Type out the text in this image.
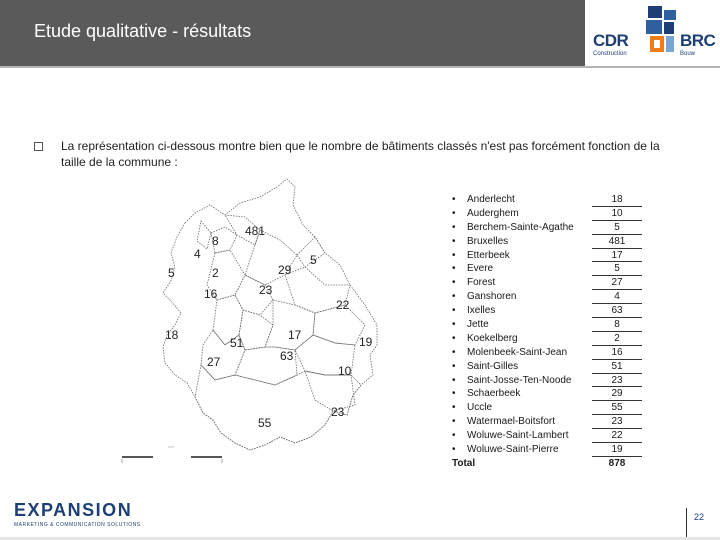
Etude qualitative - résultats	CDR
Construction
BRC
Bouw
La représentation ci-dessous montre bien que le nombre de bâtiments classés n'est pas forcément fonction de la taille de la commune :
8
481
4
5	2	29
5
16	23
22
18
51
17	19
27	63
10
23
55
•	Anderlecht	18
•	Auderghem	10
•	Berchem-Sainte-Agathe	5
•	Bruxelles	481
•	Etterbeek	17
•	Evere	5
•	Forest	27
•	Ganshoren	4
•	Ixelles	63
•	Jette	8
•	Koekelberg	2
•	Molenbeek-Saint-Jean	16
•	Saint-Gilles	51
•	Saint-Josse-Ten-Noode	23
•	Schaerbeek	29
•	Uccle	55
•	Watermael-Boitsfort	23
•	Woluwe-Saint-Lambert	22
•	Woluwe-Saint-Pierre	19
Total	878
EXPANSION
MARKETING & COMMUNICATION SOLUTIONS
22
